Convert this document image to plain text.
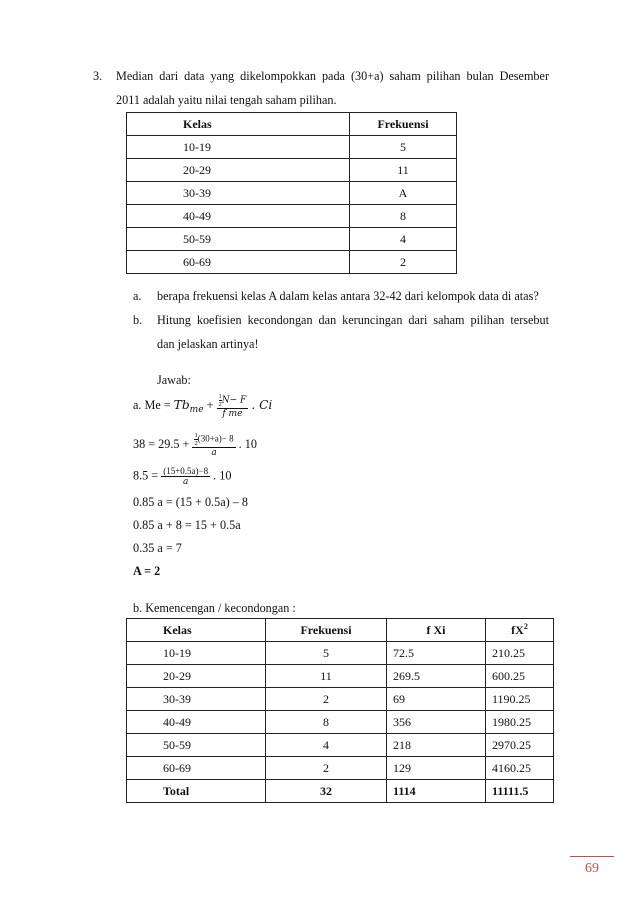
3. Median dari data yang dikelompokkan pada (30+a) saham pilihan bulan Desember
2011 adalah yaitu nilai tengah saham pilihan.
Kelas	Frekuensi
10-19	5
20-29	11
30-39	A
40-49	8
50-59	4
60-69	2
a. berapa frekuensi kelas A dalam kelas antara 32-42 dari kelompok data di atas?
b. Hitung koefisien kecondongan dan keruncingan dari saham pilihan tersebut
dan jelaskan artinya!
Jawab:
a. $Me = Tb_{me} + \frac{\frac{1}{2} N- F}{\text{f me}}$ . Ci
$38 = 29.5 + \frac{\frac{1}{2} (30+a)- 8}{a}$ . 10
$8.5 = \frac{(15+0.5a)-8}{a}$ . 10
0.85 a = (15 + 0.5a) – 8
0.85 a + 8 = 15 + 0.5a
0.35 a = 7
A = 2
b. Kemencengan / kecondongan :
Kelas	Frekuensi	f Xi	$fX^2$
10-19	5	72.5	210.25
20-29	11	269.5	600.25
30-39	2	69	1190.25
40-49	8	356	1980.25
50-59	4	218	2970.25
60-69	2	129	4160.25
Total	32	1114	11111.5
69
